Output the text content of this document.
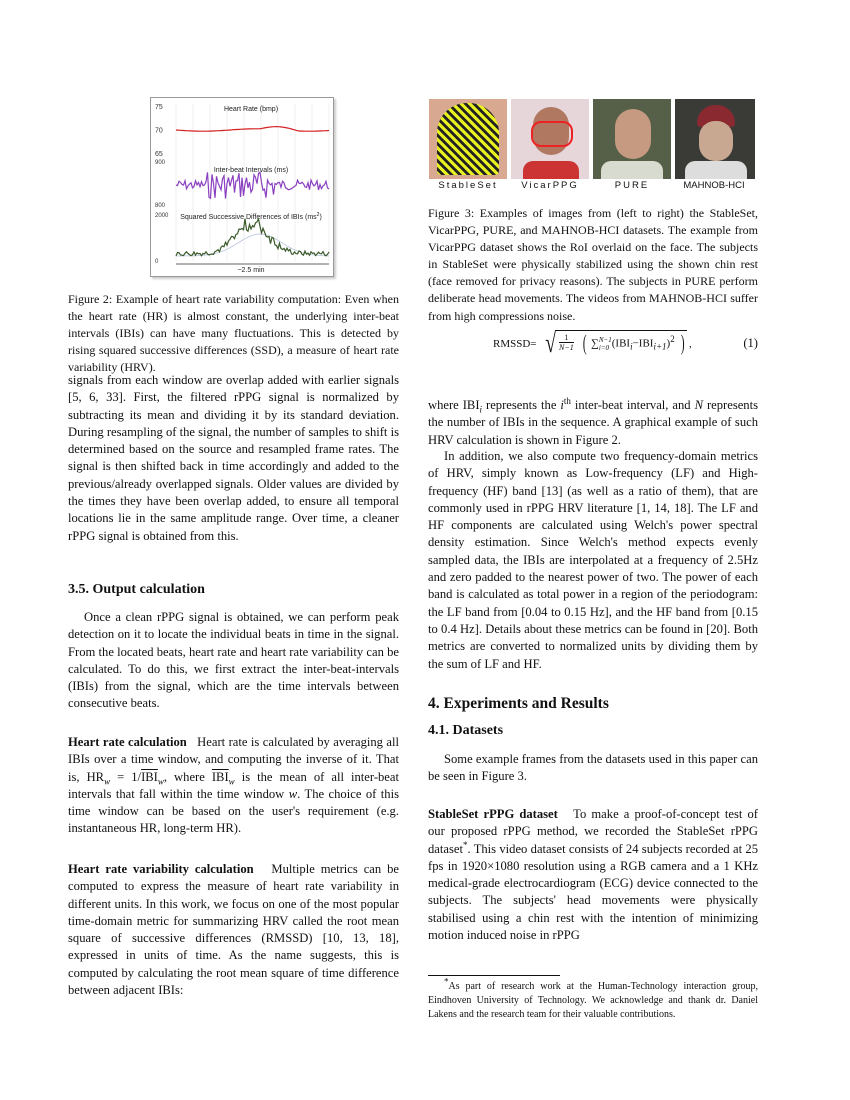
75
70
65
Heart Rate (bmp)
900
800
Inter-beat Intervals (ms)
2000
0
Squared Successive Differences of IBIs $(ms^2)$
~2.5 min
Figure 2: Example of heart rate variability computation: Even when the heart rate (HR) is almost constant, the underlying inter-beat intervals (IBIs) can have many fluctuations. This is detected by rising squared successive differences (SSD), a measure of heart rate variability (HRV).
signals from each window are overlap added with earlier signals [5, 6, 33]. First, the filtered rPPG signal is normalized by subtracting its mean and dividing it by its standard deviation. During resampling of the signal, the number of samples to shift is determined based on the source and resampled frame rates. The signal is then shifted back in time accordingly and added to the previous/already overlapped signals. Older values are divided by the times they have been overlap added, to ensure all temporal locations lie in the same amplitude range. Over time, a cleaner rPPG signal is obtained from this.
3.5. Output calculation
Once a clean rPPG signal is obtained, we can perform peak detection on it to locate the individual beats in time in the signal. From the located beats, heart rate and heart rate variability can be calculated. To do this, we first extract the inter-beat-intervals (IBIs) from the signal, which are the time intervals between consecutive beats.
Heart rate calculation Heart rate is calculated by averaging all IBIs over a time window, and computing the inverse of it. That is, $HR_w = 1/\overline{IBI}_w$, where $\overline{IBI}_w$ is the mean of all inter-beat intervals that fall within the time window w. The choice of this time window can be based on the user's requirement (e.g. instantaneous HR, long-term HR).
Heart rate variability calculation Multiple metrics can be computed to express the measure of heart rate variability in different units. In this work, we focus on one of the most popular time-domain metric for summarizing HRV called the root mean square of successive differences (RMSSD) [10, 13, 18], expressed in units of time. As the name suggests, this is computed by calculating the root mean square of time difference between adjacent IBIs:
StableSet	VicarPPG	PURE	MAHNOB-HCI
Figure 3: Examples of images from (left to right) the StableSet, VicarPPG, PURE, and MAHNOB-HCI datasets. The example from VicarPPG dataset shows the RoI overlaid on the face. The subjects in StableSet were physically stabilized using the shown chin rest (face removed for privacy reasons). The subjects in PURE perform deliberate head movements. The videos from MAHNOB-HCI suffer from high compressions noise.
RMSSD= √ $\frac{1}{N-1}$ ( ∑N−1
i=0 $(IBI_i-IBI_{i+1})^2$ ) ,	(1)
where $IBI_i$ represents the $i^{th}$ inter-beat interval, and N represents the number of IBIs in the sequence. A graphical example of such HRV calculation is shown in Figure 2.
In addition, we also compute two frequency-domain metrics of HRV, simply known as Low-frequency (LF) and High-frequency (HF) band [13] (as well as a ratio of them), that are commonly used in rPPG HRV literature [1, 14, 18]. The LF and HF components are calculated using Welch's power spectral density estimation. Since Welch's method expects evenly sampled data, the IBIs are interpolated at a frequency of 2.5Hz and zero padded to the nearest power of two. The power of each band is calculated as total power in a region of the periodogram: the LF band from [0.04 to 0.15 Hz], and the HF band from [0.15 to 0.4 Hz]. Details about these metrics can be found in [20]. Both metrics are converted to normalized units by dividing them by the sum of LF and HF.
4. Experiments and Results
4.1. Datasets
Some example frames from the datasets used in this paper can be seen in Figure 3.
StableSet rPPG dataset To make a proof-of-concept test of our proposed rPPG method, we recorded the StableSet rPPG dataset*. This video dataset consists of 24 subjects recorded at 25 fps in 1920×1080 resolution using a RGB camera and a 1 KHz medical-grade electrocardiogram (ECG) device connected to the subjects. The subjects' head movements were physically stabilised using a chin rest with the intention of minimizing motion induced noise in rPPG
*As part of research work at the Human-Technology interaction group, Eindhoven University of Technology. We acknowledge and thank dr. Daniel Lakens and the research team for their valuable contributions.
